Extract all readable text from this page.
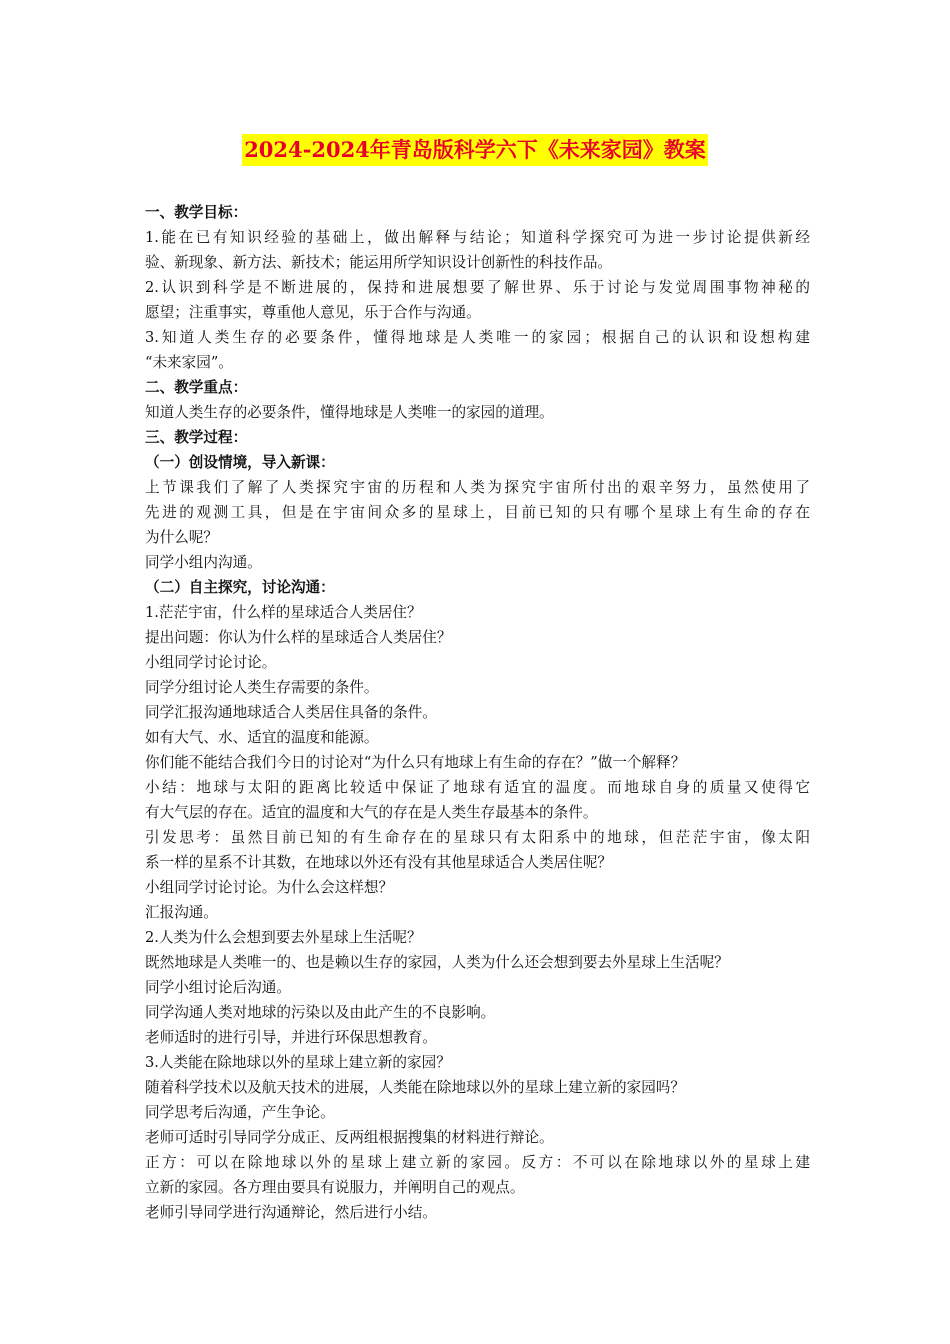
2024-2024年青岛版科学六下《未来家园》教案
一、教学目标：
1.能在已有知识经验的基础上，做出解释与结论；知道科学探究可为进一步讨论提供新经
验、新现象、新方法、新技术；能运用所学知识设计创新性的科技作品。
2.认识到科学是不断进展的，保持和进展想要了解世界、乐于讨论与发觉周围事物神秘的
愿望；注重事实，尊重他人意见，乐于合作与沟通。
3.知道人类生存的必要条件，懂得地球是人类唯一的家园；根据自己的认识和设想构建
“未来家园”。
二、教学重点：
知道人类生存的必要条件，懂得地球是人类唯一的家园的道理。
三、教学过程：
（一）创设情境，导入新课：
上节课我们了解了人类探究宇宙的历程和人类为探究宇宙所付出的艰辛努力，虽然使用了
先进的观测工具，但是在宇宙间众多的星球上，目前已知的只有哪个星球上有生命的存在
为什么呢？
同学小组内沟通。
（二）自主探究，讨论沟通：
1.茫茫宇宙，什么样的星球适合人类居住？
提出问题：你认为什么样的星球适合人类居住？
小组同学讨论讨论。
同学分组讨论人类生存需要的条件。
同学汇报沟通地球适合人类居住具备的条件。
如有大气、水、适宜的温度和能源。
你们能不能结合我们今日的讨论对“为什么只有地球上有生命的存在？”做一个解释？
小结：地球与太阳的距离比较适中保证了地球有适宜的温度。而地球自身的质量又使得它
有大气层的存在。适宜的温度和大气的存在是人类生存最基本的条件。
引发思考：虽然目前已知的有生命存在的星球只有太阳系中的地球，但茫茫宇宙，像太阳
系一样的星系不计其数，在地球以外还有没有其他星球适合人类居住呢？
小组同学讨论讨论。为什么会这样想？
汇报沟通。
2.人类为什么会想到要去外星球上生活呢？
既然地球是人类唯一的、也是赖以生存的家园，人类为什么还会想到要去外星球上生活呢？
同学小组讨论后沟通。
同学沟通人类对地球的污染以及由此产生的不良影响。
老师适时的进行引导，并进行环保思想教育。
3.人类能在除地球以外的星球上建立新的家园？
随着科学技术以及航天技术的进展，人类能在除地球以外的星球上建立新的家园吗？
同学思考后沟通，产生争论。
老师可适时引导同学分成正、反两组根据搜集的材料进行辩论。
正方：可以在除地球以外的星球上建立新的家园。反方：不可以在除地球以外的星球上建
立新的家园。各方理由要具有说服力，并阐明自己的观点。
老师引导同学进行沟通辩论，然后进行小结。
